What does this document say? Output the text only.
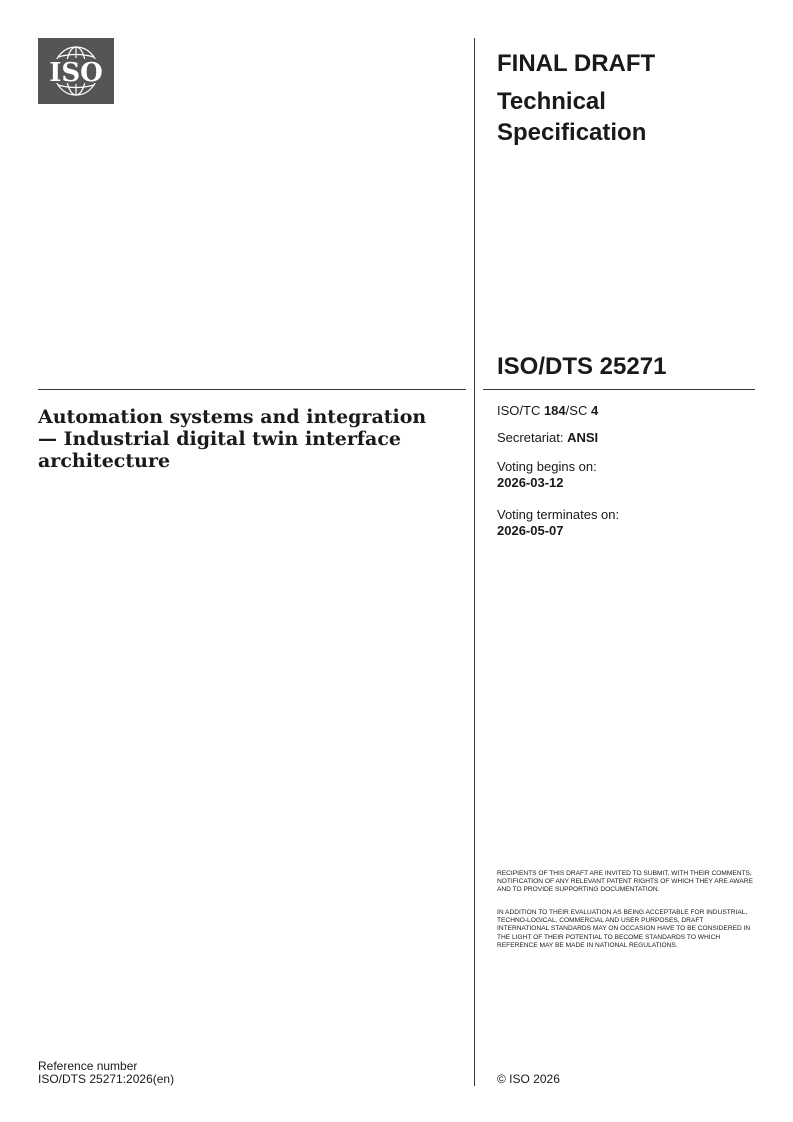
ISO	FINAL DRAFT
Technical Specification
ISO/DTS 25271
Automation systems and integration — Industrial digital twin interface architecture
ISO/TC 184/SC 4
Secretariat: ANSI
Voting begins on:
2026-03-12
Voting terminates on:
2026-05-07
RECIPIENTS OF THIS DRAFT ARE INVITED TO SUBMIT, WITH THEIR COMMENTS, NOTIFICATION OF ANY RELEVANT PATENT RIGHTS OF WHICH THEY ARE AWARE AND TO PROVIDE SUPPORTING DOCUMENTATION.
IN ADDITION TO THEIR EVALUATION AS BEING ACCEPTABLE FOR INDUSTRIAL, TECHNO-LOGICAL, COMMERCIAL AND USER PURPOSES, DRAFT INTERNATIONAL STANDARDS MAY ON OCCASION HAVE TO BE CONSIDERED IN THE LIGHT OF THEIR POTENTIAL TO BECOME STANDARDS TO WHICH REFERENCE MAY BE MADE IN NATIONAL REGULATIONS.
Reference number
ISO/DTS 25271:2026(en)	© ISO 2026
